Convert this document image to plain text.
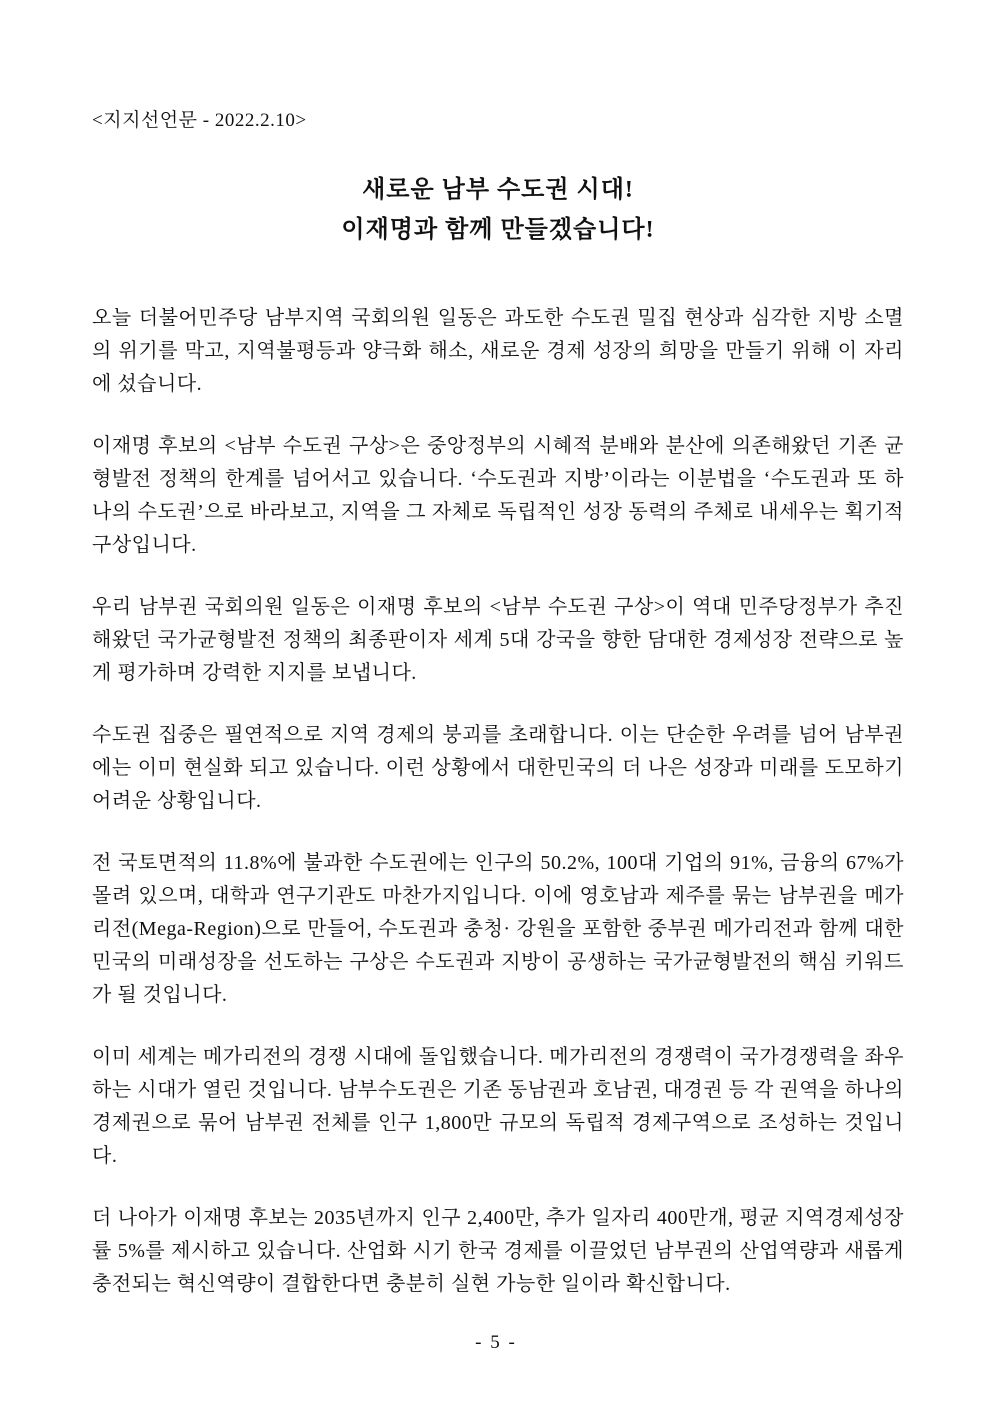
<지지선언문 - 2022.2.10>
새로운 남부 수도권 시대!
이재명과 함께 만들겠습니다!

오늘 더불어민주당 남부지역 국회의원 일동은 과도한 수도권 밀집 현상과 심각한 지방 소멸의 위기를 막고, 지역불평등과 양극화 해소, 새로운 경제 성장의 희망을 만들기 위해 이 자리에 섰습니다.

이재명 후보의 <남부 수도권 구상>은 중앙정부의 시혜적 분배와 분산에 의존해왔던 기존 균형발전 정책의 한계를 넘어서고 있습니다. ‘수도권과 지방’이라는 이분법을 ‘수도권과 또 하나의 수도권’으로 바라보고, 지역을 그 자체로 독립적인 성장 동력의 주체로 내세우는 획기적 구상입니다.

우리 남부권 국회의원 일동은 이재명 후보의 <남부 수도권 구상>이 역대 민주당정부가 추진해왔던 국가균형발전 정책의 최종판이자 세계 5대 강국을 향한 담대한 경제성장 전략으로 높게 평가하며 강력한 지지를 보냅니다.

수도권 집중은 필연적으로 지역 경제의 붕괴를 초래합니다. 이는 단순한 우려를 넘어 남부권에는 이미 현실화 되고 있습니다. 이런 상황에서 대한민국의 더 나은 성장과 미래를 도모하기 어려운 상황입니다.

전 국토면적의 11.8%에 불과한 수도권에는 인구의 50.2%, 100대 기업의 91%, 금융의 67%가 몰려 있으며, 대학과 연구기관도 마찬가지입니다. 이에 영호남과 제주를 묶는 남부권을 메가리전(Mega-Region)으로 만들어, 수도권과 충청· 강원을 포함한 중부권 메가리전과 함께 대한민국의 미래성장을 선도하는 구상은 수도권과 지방이 공생하는 국가균형발전의 핵심 키워드가 될 것입니다.

이미 세계는 메가리전의 경쟁 시대에 돌입했습니다. 메가리전의 경쟁력이 국가경쟁력을 좌우하는 시대가 열린 것입니다. 남부수도권은 기존 동남권과 호남권, 대경권 등 각 권역을 하나의 경제권으로 묶어 남부권 전체를 인구 1,800만 규모의 독립적 경제구역으로 조성하는 것입니다.

더 나아가 이재명 후보는 2035년까지 인구 2,400만, 추가 일자리 400만개, 평균 지역경제성장률 5%를 제시하고 있습니다. 산업화 시기 한국 경제를 이끌었던 남부권의 산업역량과 새롭게 충전되는 혁신역량이 결합한다면 충분히 실현 가능한 일이라 확신합니다.

- 5 -
